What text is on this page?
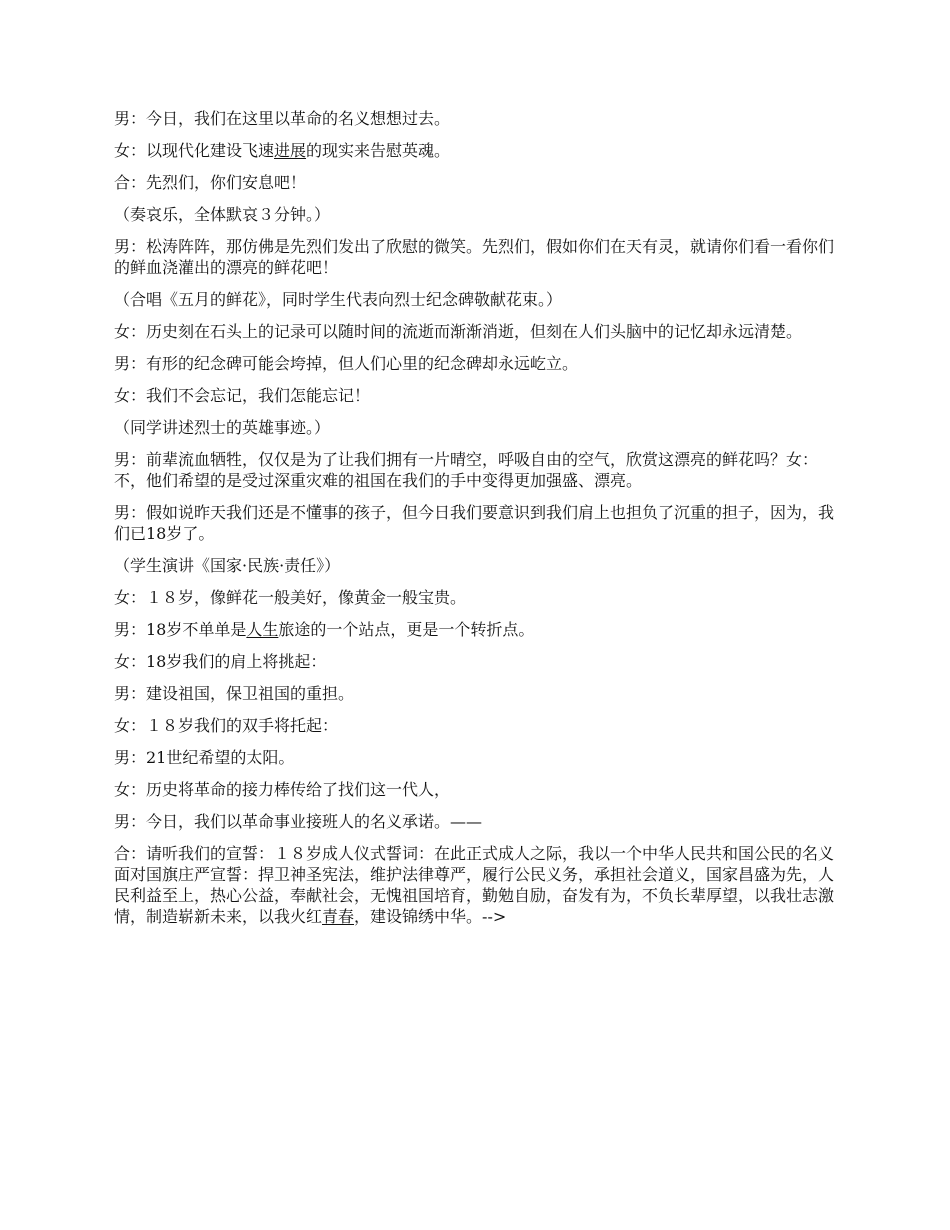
男：今日，我们在这里以革命的名义想想过去。

女：以现代化建设飞速进展的现实来告慰英魂。

合：先烈们，你们安息吧！

（奏哀乐，全体默哀３分钟。）

男：松涛阵阵，那仿佛是先烈们发出了欣慰的微笑。先烈们，假如你们在天有灵，就请你们看一看你们的鲜血浇灌出的漂亮的鲜花吧！

（合唱《五月的鲜花》，同时学生代表向烈士纪念碑敬献花束。）

女：历史刻在石头上的记录可以随时间的流逝而渐渐消逝，但刻在人们头脑中的记忆却永远清楚。

男：有形的纪念碑可能会垮掉，但人们心里的纪念碑却永远屹立。

女：我们不会忘记，我们怎能忘记！

（同学讲述烈士的英雄事迹。）

男：前辈流血牺牲，仅仅是为了让我们拥有一片晴空，呼吸自由的空气，欣赏这漂亮的鲜花吗？女：不，他们希望的是受过深重灾难的祖国在我们的手中变得更加强盛、漂亮。

男：假如说昨天我们还是不懂事的孩子，但今日我们要意识到我们肩上也担负了沉重的担子，因为，我们已18岁了。

（学生演讲《国家·民族·责任》）

女：１８岁，像鲜花一般美好，像黄金一般宝贵。

男：18岁不单单是人生旅途的一个站点，更是一个转折点。

女：18岁我们的肩上将挑起：

男：建设祖国，保卫祖国的重担。

女：１８岁我们的双手将托起：

男：21世纪希望的太阳。

女：历史将革命的接力棒传给了找们这一代人，

男：今日，我们以革命事业接班人的名义承诺。——

合：请听我们的宣誓：１８岁成人仪式誓词：在此正式成人之际，我以一个中华人民共和国公民的名义面对国旗庄严宣誓：捍卫神圣宪法，维护法律尊严，履行公民义务，承担社会道义，国家昌盛为先，人民利益至上，热心公益，奉献社会，无愧祖国培育，勤勉自励，奋发有为，不负长辈厚望，以我壮志激情，制造崭新未来，以我火红青春，建设锦绣中华。-->
